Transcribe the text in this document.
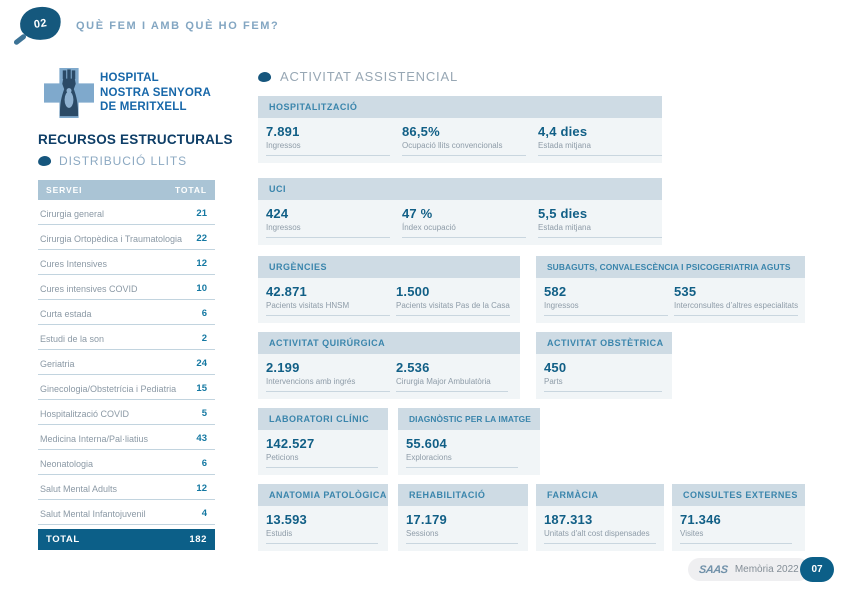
02	QUÈ FEM I AMB QUÈ HO FEM?
HOSPITAL
NOSTRA SENYORA
DE MERITXELL
RECURSOS ESTRUCTURALS
DISTRIBUCIÓ LLITS
SERVEI	TOTAL
Cirurgia general	21
Cirurgia Ortopèdica i Traumatologia 22
Cures Intensives	12
Cures intensives COVID	10
Curta estada	6
Estudi de la son	2
Geriatria	24
Ginecologia/Obstetrícia i Pediatria 15
Hospitalització COVID	5
Medicina Interna/Pal·liatius	43
Neonatologia	6
Salut Mental Adults	12
Salut Mental Infantojuvenil	4
TOTAL	182
ACTIVITAT ASSISTENCIAL
HOSPITALITZACIÓ
7.891
Ingressos
86,5%
Ocupació llits convencionals
4,4 dies
Estada mitjana
UCI
424
Ingressos
47 %
Índex ocupació
5,5 dies
Estada mitjana
URGÈNCIES
42.871
Pacients visitats HNSM
1.500
Pacients visitats Pas de la Casa
SUBAGUTS, CONVALESCÈNCIA I PSICOGERIATRIA AGUTS
582
Ingressos
535
Interconsultes d’altres especialitats
ACTIVITAT QUIRÚRGICA
2.199
Intervencions amb ingrés
2.536
Cirurgia Major Ambulatòria
ACTIVITAT OBSTÈTRICA
450
Parts
LABORATORI CLÍNIC
142.527
Peticions
DIAGNÒSTIC PER LA IMATGE
55.604
Exploracions
ANATOMIA PATOLÒGICA
13.593
Estudis
REHABILITACIÓ
17.179
Sessions
FARMÀCIA
187.313
Unitats d'alt cost dispensades
CONSULTES EXTERNES
71.346
Visites
SAAS Memòria 2022 07
